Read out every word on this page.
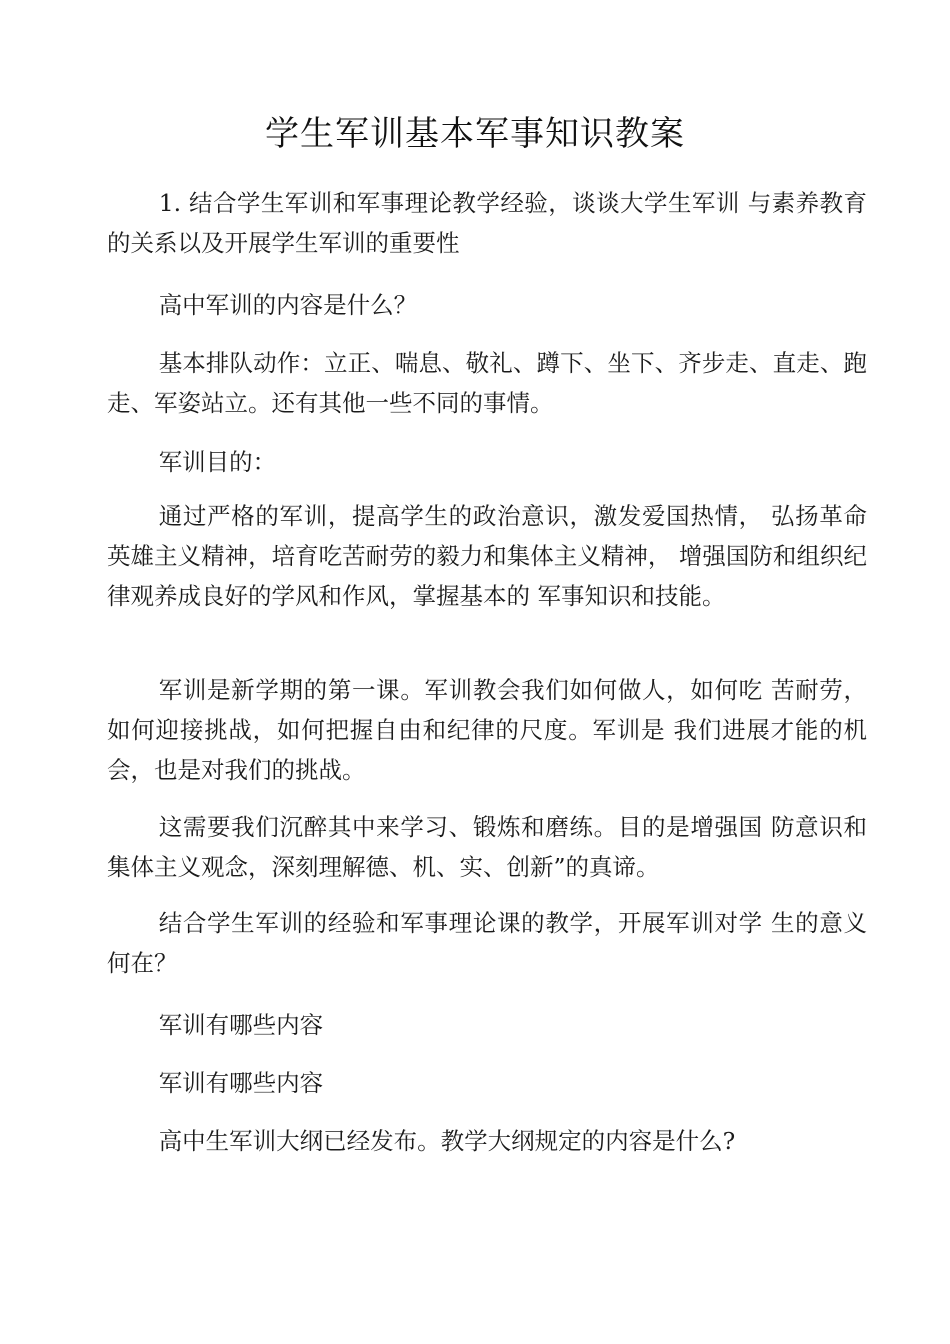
学生军训基本军事知识教案

1. 结合学生军训和军事理论教学经验，谈谈大学生军训 与素养教育的关系以及开展学生军训的重要性

高中军训的内容是什么？

基本排队动作：立正、喘息、敬礼、蹲下、坐下、齐步走、直走、跑走、军姿站立。还有其他一些不同的事情。

军训目的：

通过严格的军训，提高学生的政治意识，激发爱国热情， 弘扬革命英雄主义精神，培育吃苦耐劳的毅力和集体主义精神， 增强国防和组织纪律观养成良好的学风和作风，掌握基本的 军事知识和技能。

军训是新学期的第一课。军训教会我们如何做人，如何吃 苦耐劳，如何迎接挑战，如何把握自由和纪律的尺度。军训是 我们进展才能的机会，也是对我们的挑战。

这需要我们沉醉其中来学习、锻炼和磨练。目的是增强国 防意识和集体主义观念，深刻理解德、机、实、创新”的真谛。

结合学生军训的经验和军事理论课的教学，开展军训对学 生的意义何在？

军训有哪些内容

军训有哪些内容

高中生军训大纲已经发布。教学大纲规定的内容是什么?
